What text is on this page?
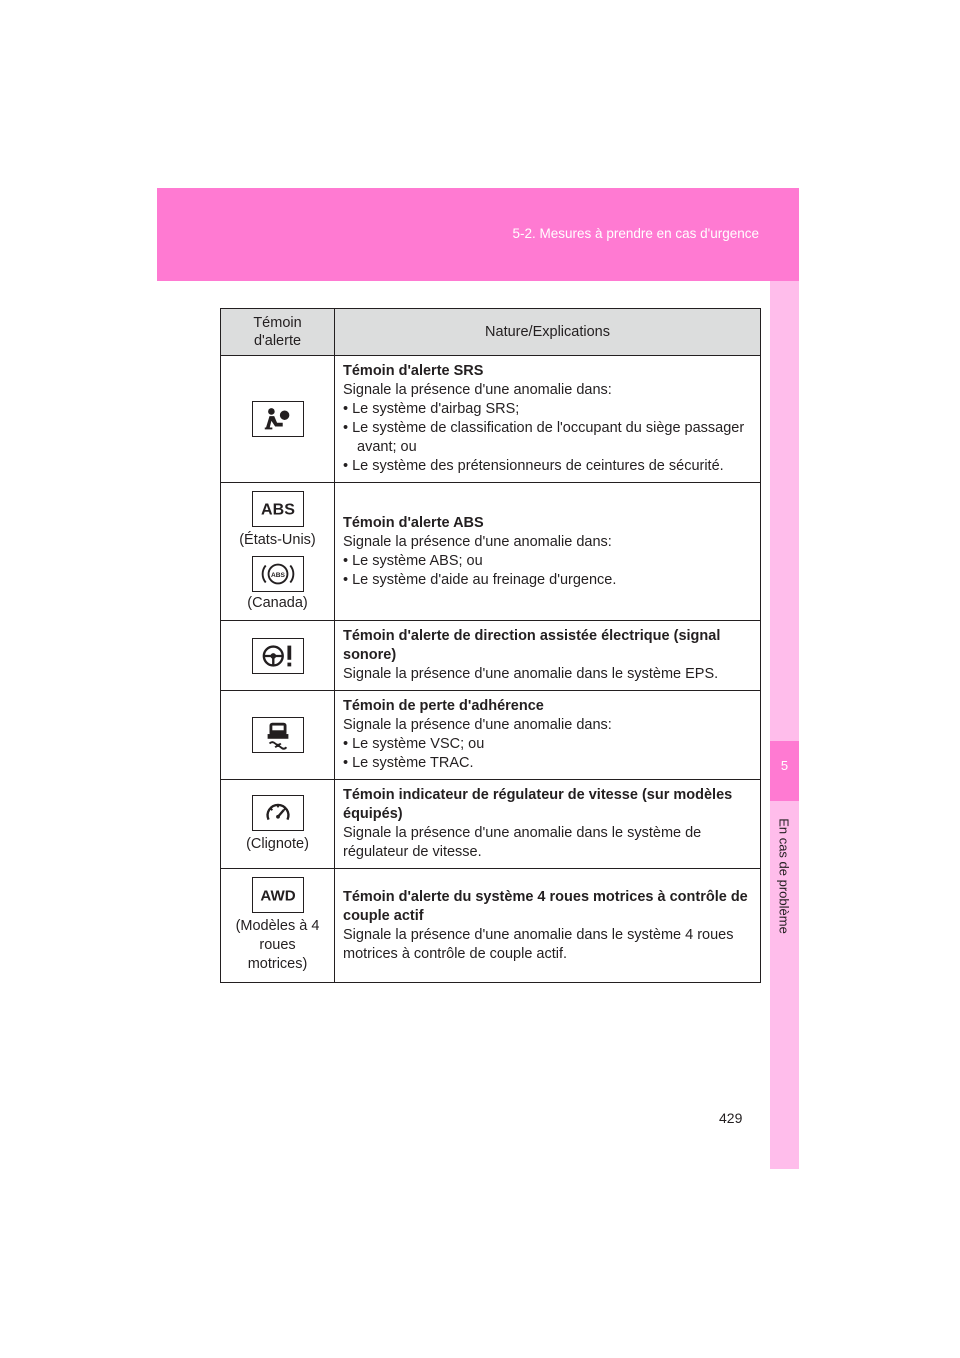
5-2. Mesures à prendre en cas d'urgence
5
En cas de problème
Témoin
d'alerte	Nature/Explications

Témoin d'alerte SRS
Signale la présence d'une anomalie dans:
• Le système d'airbag SRS;
• Le système de classification de l'occupant du siège passager avant; ou
• Le système des prétensionneurs de ceintures de sécurité.

ABS
(États-Unis)
ABS
(Canada)	Témoin d'alerte ABS
Signale la présence d'une anomalie dans:
• Le système ABS; ou
• Le système d'aide au freinage d'urgence.

Témoin d'alerte de direction assistée électrique (signal sonore)
Signale la présence d'une anomalie dans le système EPS.

Témoin de perte d'adhérence
Signale la présence d'une anomalie dans:
• Le système VSC; ou
• Le système TRAC.

(Clignote)	Témoin indicateur de régulateur de vitesse (sur modèles équipés)
Signale la présence d'une anomalie dans le système de régulateur de vitesse.

AWD
(Modèles à 4
roues
motrices)	Témoin d'alerte du système 4 roues motrices à contrôle de couple actif
Signale la présence d'une anomalie dans le système 4 roues motrices à contrôle de couple actif.
429
